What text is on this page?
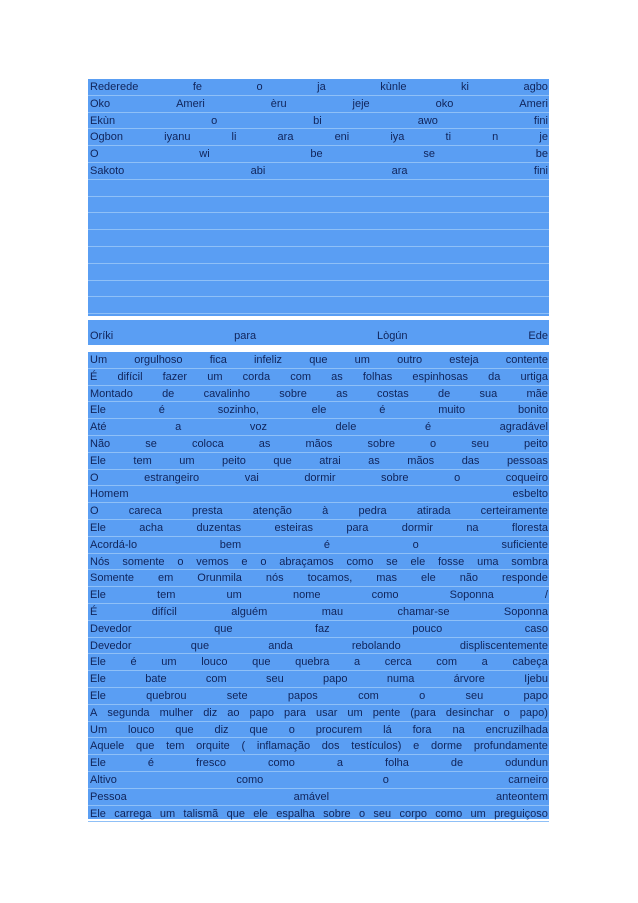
Rederede	fe	o	ja	kùnle	ki	agbo
Oko	Ameri	èru	jeje	oko	Ameri
Ekùn	o	bi	awo	fini
Ogbon	iyanu	li	ara	eni	iya	ti	n	je
O	wi	be	se	be
Sakoto	abi	ara	fini
Oríki	para	Lògún	Ede
Um orgulhoso fica infeliz que um outro esteja contente
É difícil fazer um corda com as folhas espinhosas da urtiga
Montado	de	cavalinho	sobre	as	costas	de	sua	mãe
Ele	é	sozinho,	ele	é	muito	bonito
Até	a	voz	dele	é	agradável
Não	se	coloca	as	mãos	sobre	o	seu	peito
Ele	tem	um	peito	que	atrai	as	mãos	das	pessoas
O	estrangeiro	vai	dormir	sobre	o	coqueiro
Homem	esbelto
O	careca	presta	atenção	à	pedra	atirada	certeiramente
Ele	acha	duzentas	esteiras	para	dormir	na	floresta
Acordá-lo	bem	é	o	suficiente
Nós somente o vemos e o abraçamos como se ele fosse uma sombra
Somente em Orunmila nós tocamos, mas ele não responde
Ele	tem	um	nome	como	Soponna	/
É	difícil	alguém	mau	chamar-se	Soponna
Devedor	que	faz	pouco	caso
Devedor	que	anda	rebolando	displiscentemente
Ele é um louco que quebra a cerca com a cabeça
Ele	bate	com	seu	papo	numa	árvore	Ijebu
Ele	quebrou	sete	papos	com	o	seu	papo
A segunda mulher diz ao papo para usar um pente (para desinchar o papo)
Um louco que diz que o procurem lá fora na encruzilhada
Aquele que tem orquite ( inflamação dos testículos) e dorme profundamente
Ele	é	fresco	como	a	folha	de	odundun
Altivo	como	o	carneiro
Pessoa	amável	anteontem
Ele carrega um talismã que ele espalha sobre o seu corpo como um preguiçoso
